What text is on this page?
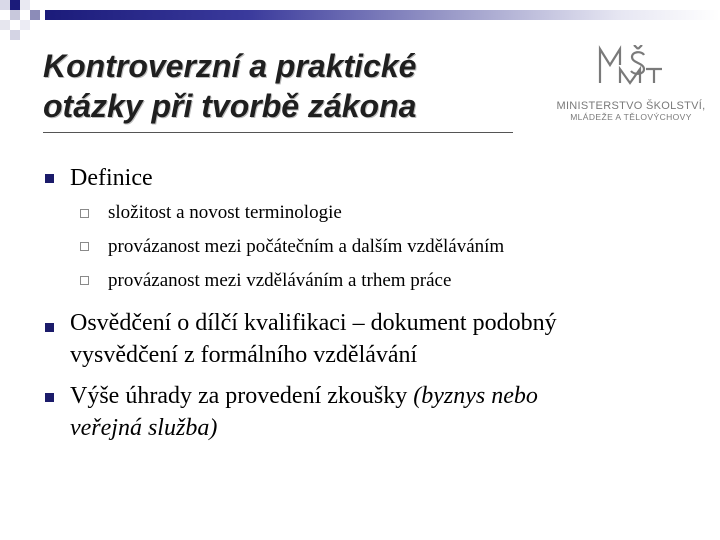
Kontroverzní a praktické
otázky při tvorbě zákona	MINISTERSTVO ŠKOLSTVÍ,
MLÁDEŽE A TĚLOVÝCHOVY
Definice
složitost a novost terminologie
provázanost mezi počátečním a dalším vzděláváním
provázanost mezi vzděláváním a trhem práce
Osvědčení o dílčí kvalifikaci – dokument podobný
vysvědčení z formálního vzdělávání
Výše úhrady za provedení zkoušky (byznys nebo
veřejná služba)
